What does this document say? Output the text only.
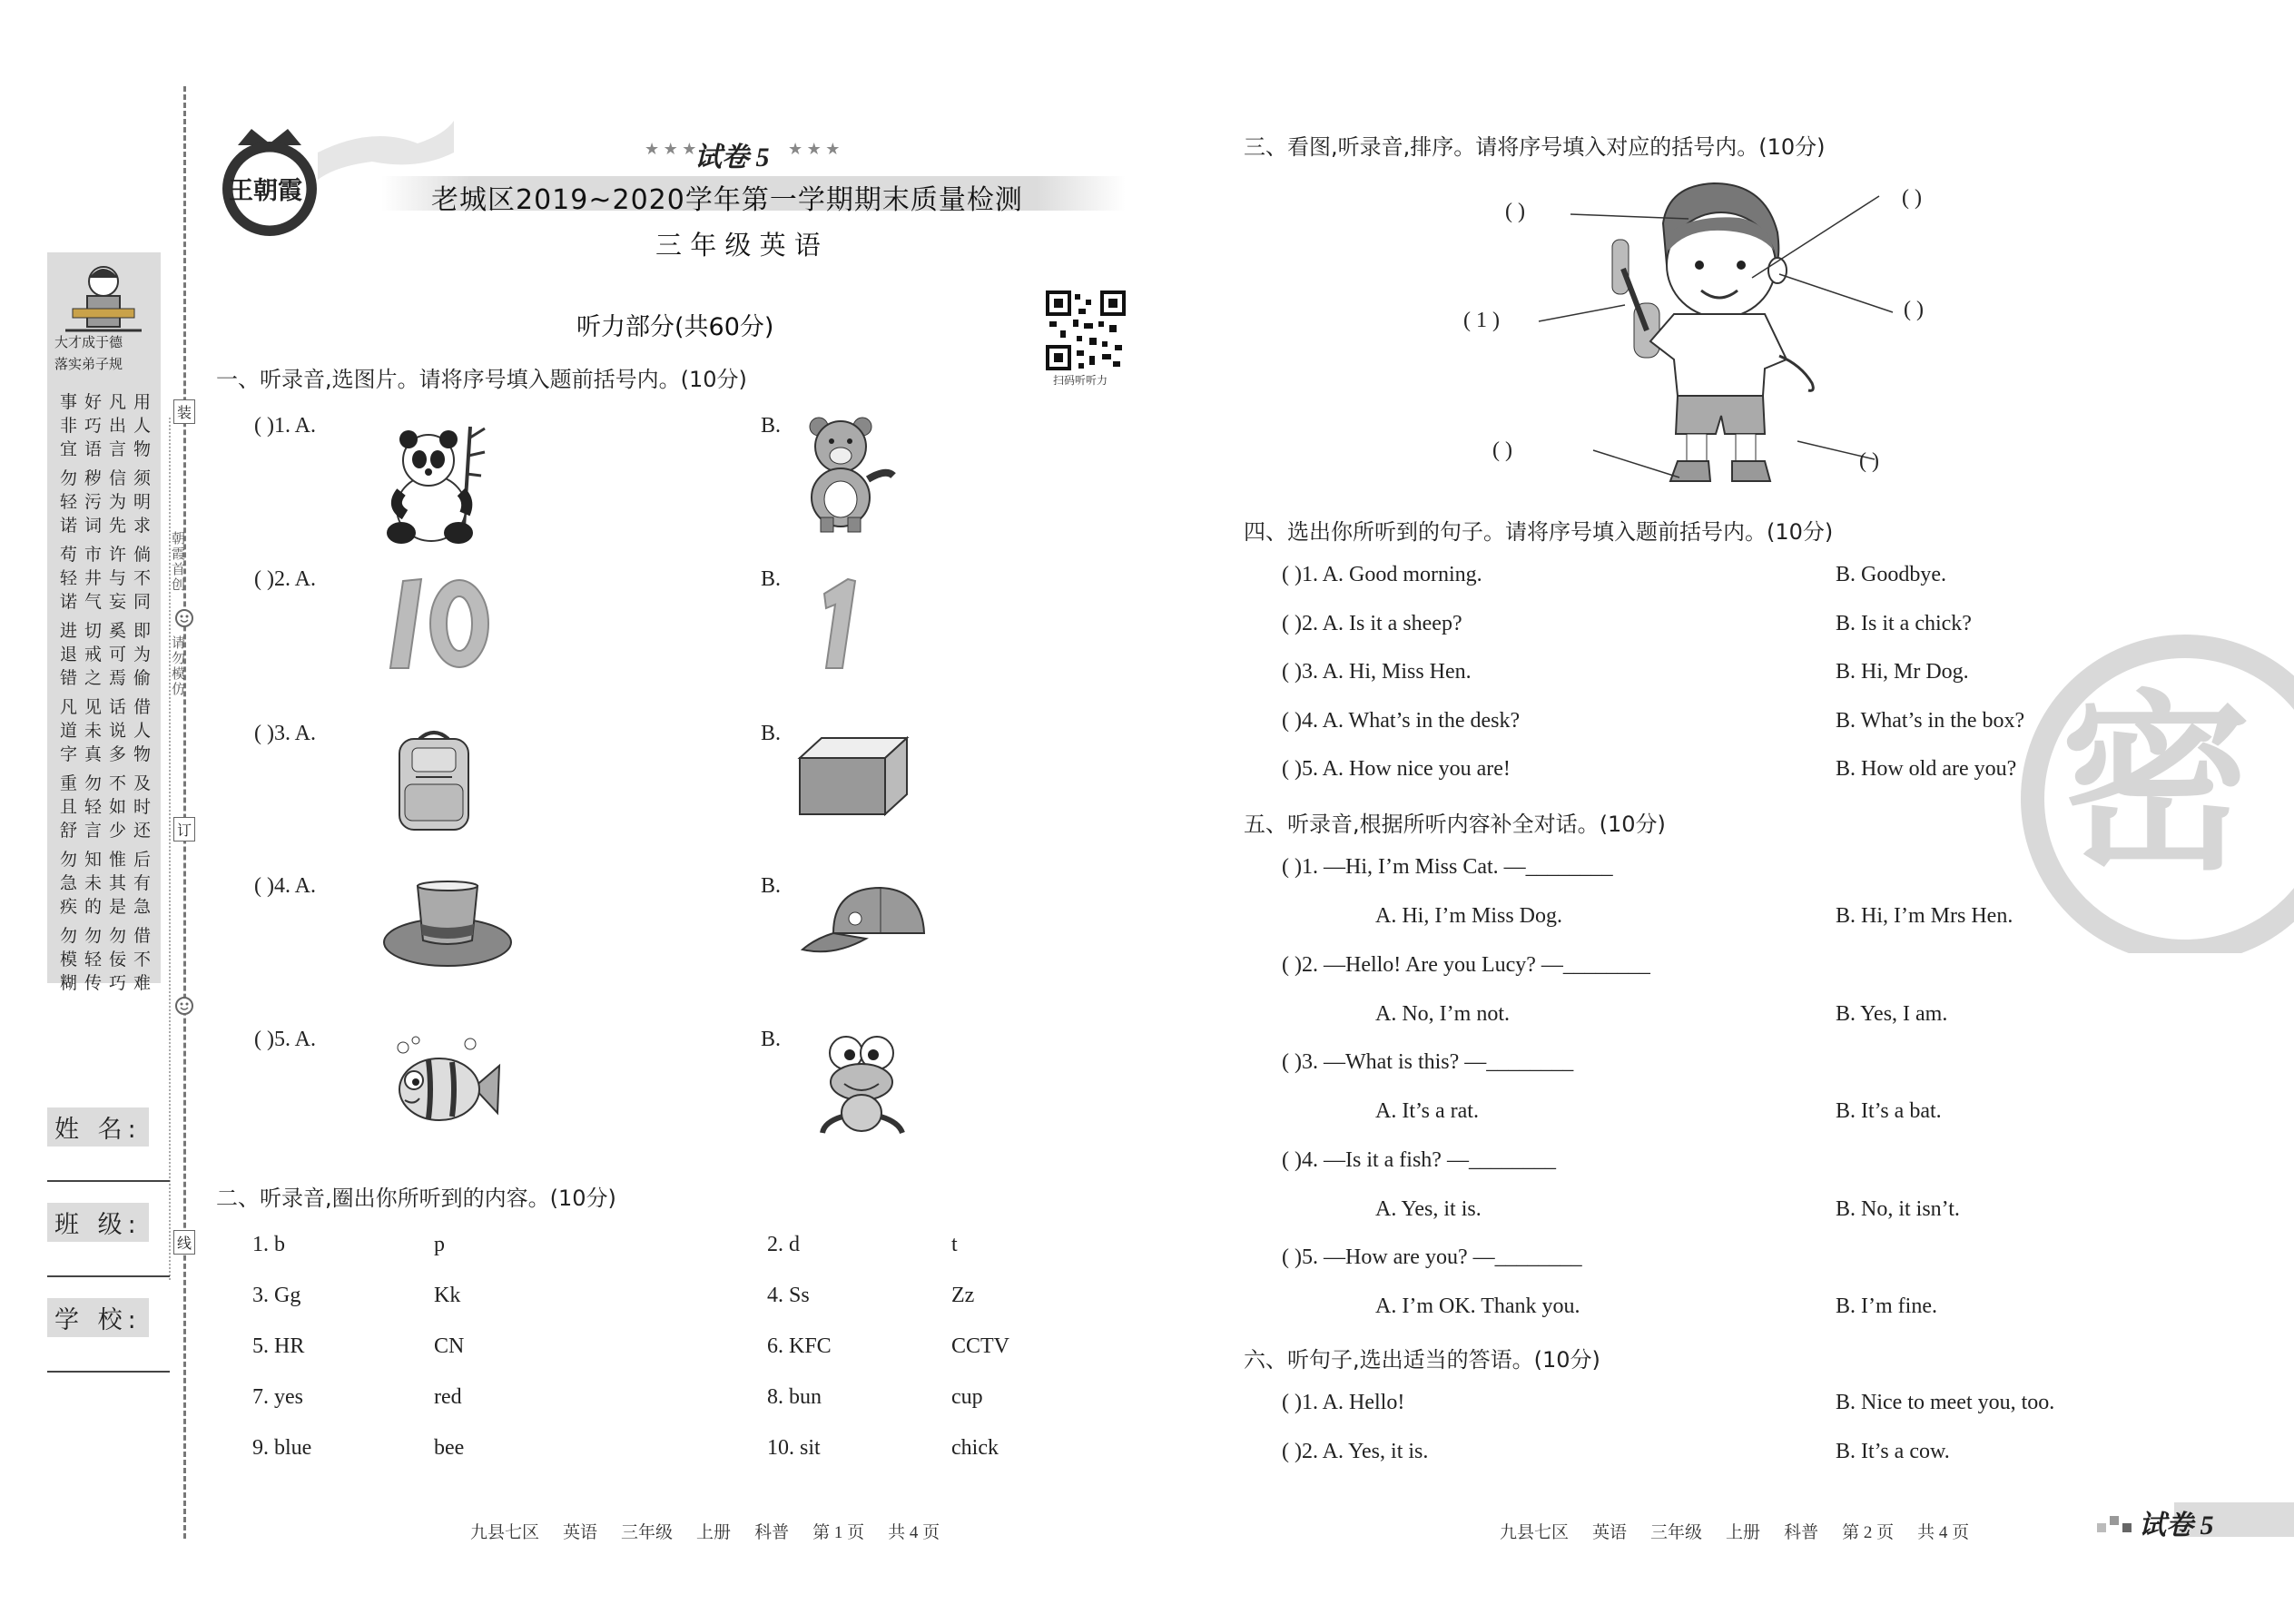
大才成于德
落实弟子规
事好凡用
非巧出人
宜语言物
勿秽信须
轻污为明
诺词先求
苟市许倘
轻井与不
诺气妄同
进切奚即
退戒可为
错之焉偷
凡见话借
道未说人
字真多物
重勿不及
且轻如时
舒言少还
勿知惟后
急未其有
疾的是急
勿勿勿借
模轻佞不
糊传巧难
装
订
线
朝霞首创
请勿模仿
姓 名:
班 级:
学 校:
王朝霞
试卷 5
★ ★ ★	★ ★ ★
老城区2019~2020学年第一学期期末质量检测
三 年 级 英 语
听力部分(共60分)
扫码听听力
一、听录音,选图片。请将序号填入题前括号内。(10分)
( )1. A.	B.
( )2. A.	B.
( )3. A.	B.
( )4. A.	B.
( )5. A.	B.
二、听录音,圈出你所听到的内容。(10分)
九县七区 英语 三年级 上册 科普 第 1 页 共 4 页
三、看图,听录音,排序。请将序号填入对应的括号内。(10分)
( )
( )
( 1 )	( )
( )	( )
四、选出你所听到的句子。请将序号填入题前括号内。(10分)
五、听录音,根据所听内容补全对话。(10分)
六、听句子,选出适当的答语。(10分)
密
九县七区 英语 三年级 上册 科普 第 2 页 共 4 页	试卷 5
1. b	p	2. d	t
3. Gg	Kk	4. Ss	Zz
5. HR	CN	6. KFC	CCTV
7. yes	red	8. bun	cup
9. blue	bee	10. sit	chick
( )1. A. Good morning.	B. Goodbye.
( )2. A. Is it a sheep?	B. Is it a chick?
( )3. A. Hi, Miss Hen.	B. Hi, Mr Dog.
( )4. A. What’s in the desk?	B. What’s in the box?
( )5. A. How nice you are!	B. How old are you?
( )1. —Hi, I’m Miss Cat. —________
A. Hi, I’m Miss Dog.	B. Hi, I’m Mrs Hen.
( )2. —Hello! Are you Lucy? —________
A. No, I’m not.	B. Yes, I am.
( )3. —What is this? —________
A. It’s a rat.	B. It’s a bat.
( )4. —Is it a fish? —________
A. Yes, it is.	B. No, it isn’t.
( )5. —How are you? —________
A. I’m OK. Thank you.	B. I’m fine.
( )1. A. Hello!	B. Nice to meet you, too.
( )2. A. Yes, it is.	B. It’s a cow.
